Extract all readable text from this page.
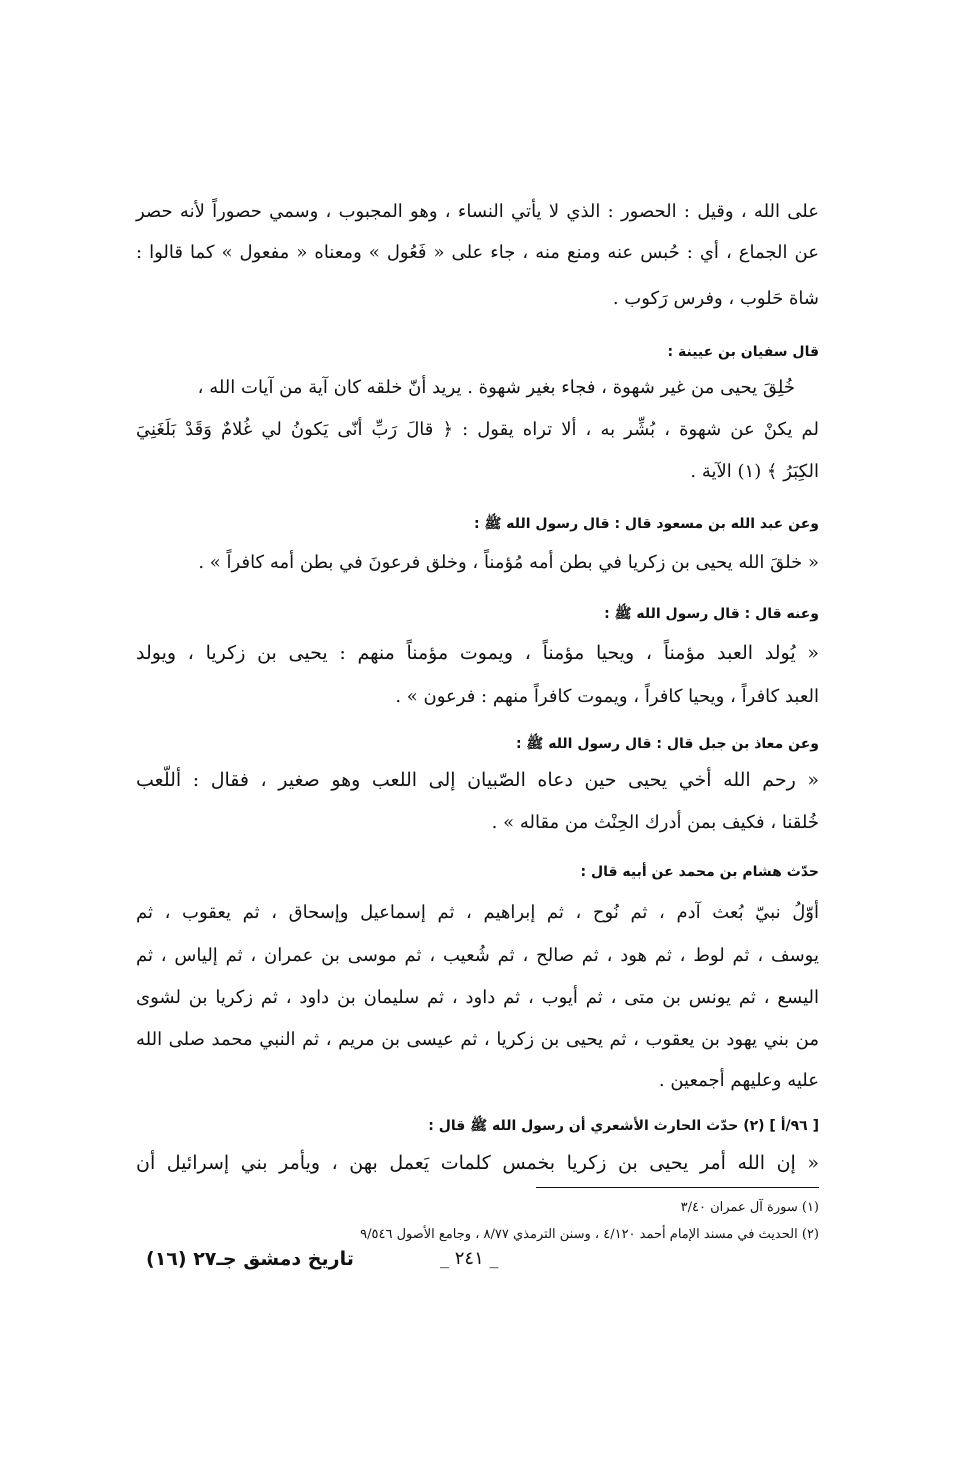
على الله ، وقيل : الحصور : الذي لا يأتي النساء ، وهو المجبوب ، وسمي حصوراً لأنه حصر

عن الجماع ، أي : حُبس عنه ومنع منه ، جاء على « فَعُول » ومعناه « مفعول » كما قالوا :

شاة حَلوب ، وفرس رَكوب .

قال سفيان بن عيينة :

خُلِقَ يحيى من غير شهوة ، فجاء بغير شهوة . يريد أنّ خلقه كان آية من آيات الله ،

لم يكنْ عن شهوة ، بُشِّر به ، ألا تراه يقول : ﴿ قالَ رَبِّ أنّى يَكونُ لي غُلامٌ وَقَدْ بَلَغَنِيَ

الكِبَرُ ﴾ (١) الآية .

وعن عبد الله بن مسعود قال : قال رسول الله ﷺ :

« خلقَ الله يحيى بن زكريا في بطن أمه مُؤمناً ، وخلق فرعونَ في بطن أمه كافراً » .

وعنه قال : قال رسول الله ﷺ :

« يُولد العبد مؤمناً ، ويحيا مؤمناً ، ويموت مؤمناً منهم : يحيى بن زكريا ، ويولد

العبد كافراً ، ويحيا كافراً ، ويموت كافراً منهم : فرعون » .

وعن معاذ بن جبل قال : قال رسول الله ﷺ :

« رحم الله أخي يحيى حين دعاه الصّبيان إلى اللعب وهو صغير ، فقال : أللّعب

خُلقنا ، فكيف بمن أدرك الحِنْث من مقاله » .

حدّث هشام بن محمد عن أبيه قال :

أوّلُ نبيّ بُعث آدم ، ثم نُوح ، ثم إبراهيم ، ثم إسماعيل وإسحاق ، ثم يعقوب ، ثم

يوسف ، ثم لوط ، ثم هود ، ثم صالح ، ثم شُعيب ، ثم موسى بن عمران ، ثم إلياس ، ثم

اليسع ، ثم يونس بن متى ، ثم أيوب ، ثم داود ، ثم سليمان بن داود ، ثم زكريا بن لشوى

من بني يهود بن يعقوب ، ثم يحيى بن زكريا ، ثم عيسى بن مريم ، ثم النبي محمد صلى الله

عليه وعليهم أجمعين .

[ ٩٦/أ ] (٢) حدّث الحارث الأشعري أن رسول الله ﷺ قال :

« إن الله أمر يحيى بن زكريا بخمس كلمات يَعمل بهن ، ويأمر بني إسرائيل أن

(١) سورة آل عمران ٣/٤٠

(٢) الحديث في مسند الإمام أحمد ٤/١٢٠ ، وسنن الترمذي ٨/٧٧ ، وجامع الأصول ٩/٥٤٦

تاريخ دمشق جـ٢٧ (١٦)	_ ٢٤١ _
